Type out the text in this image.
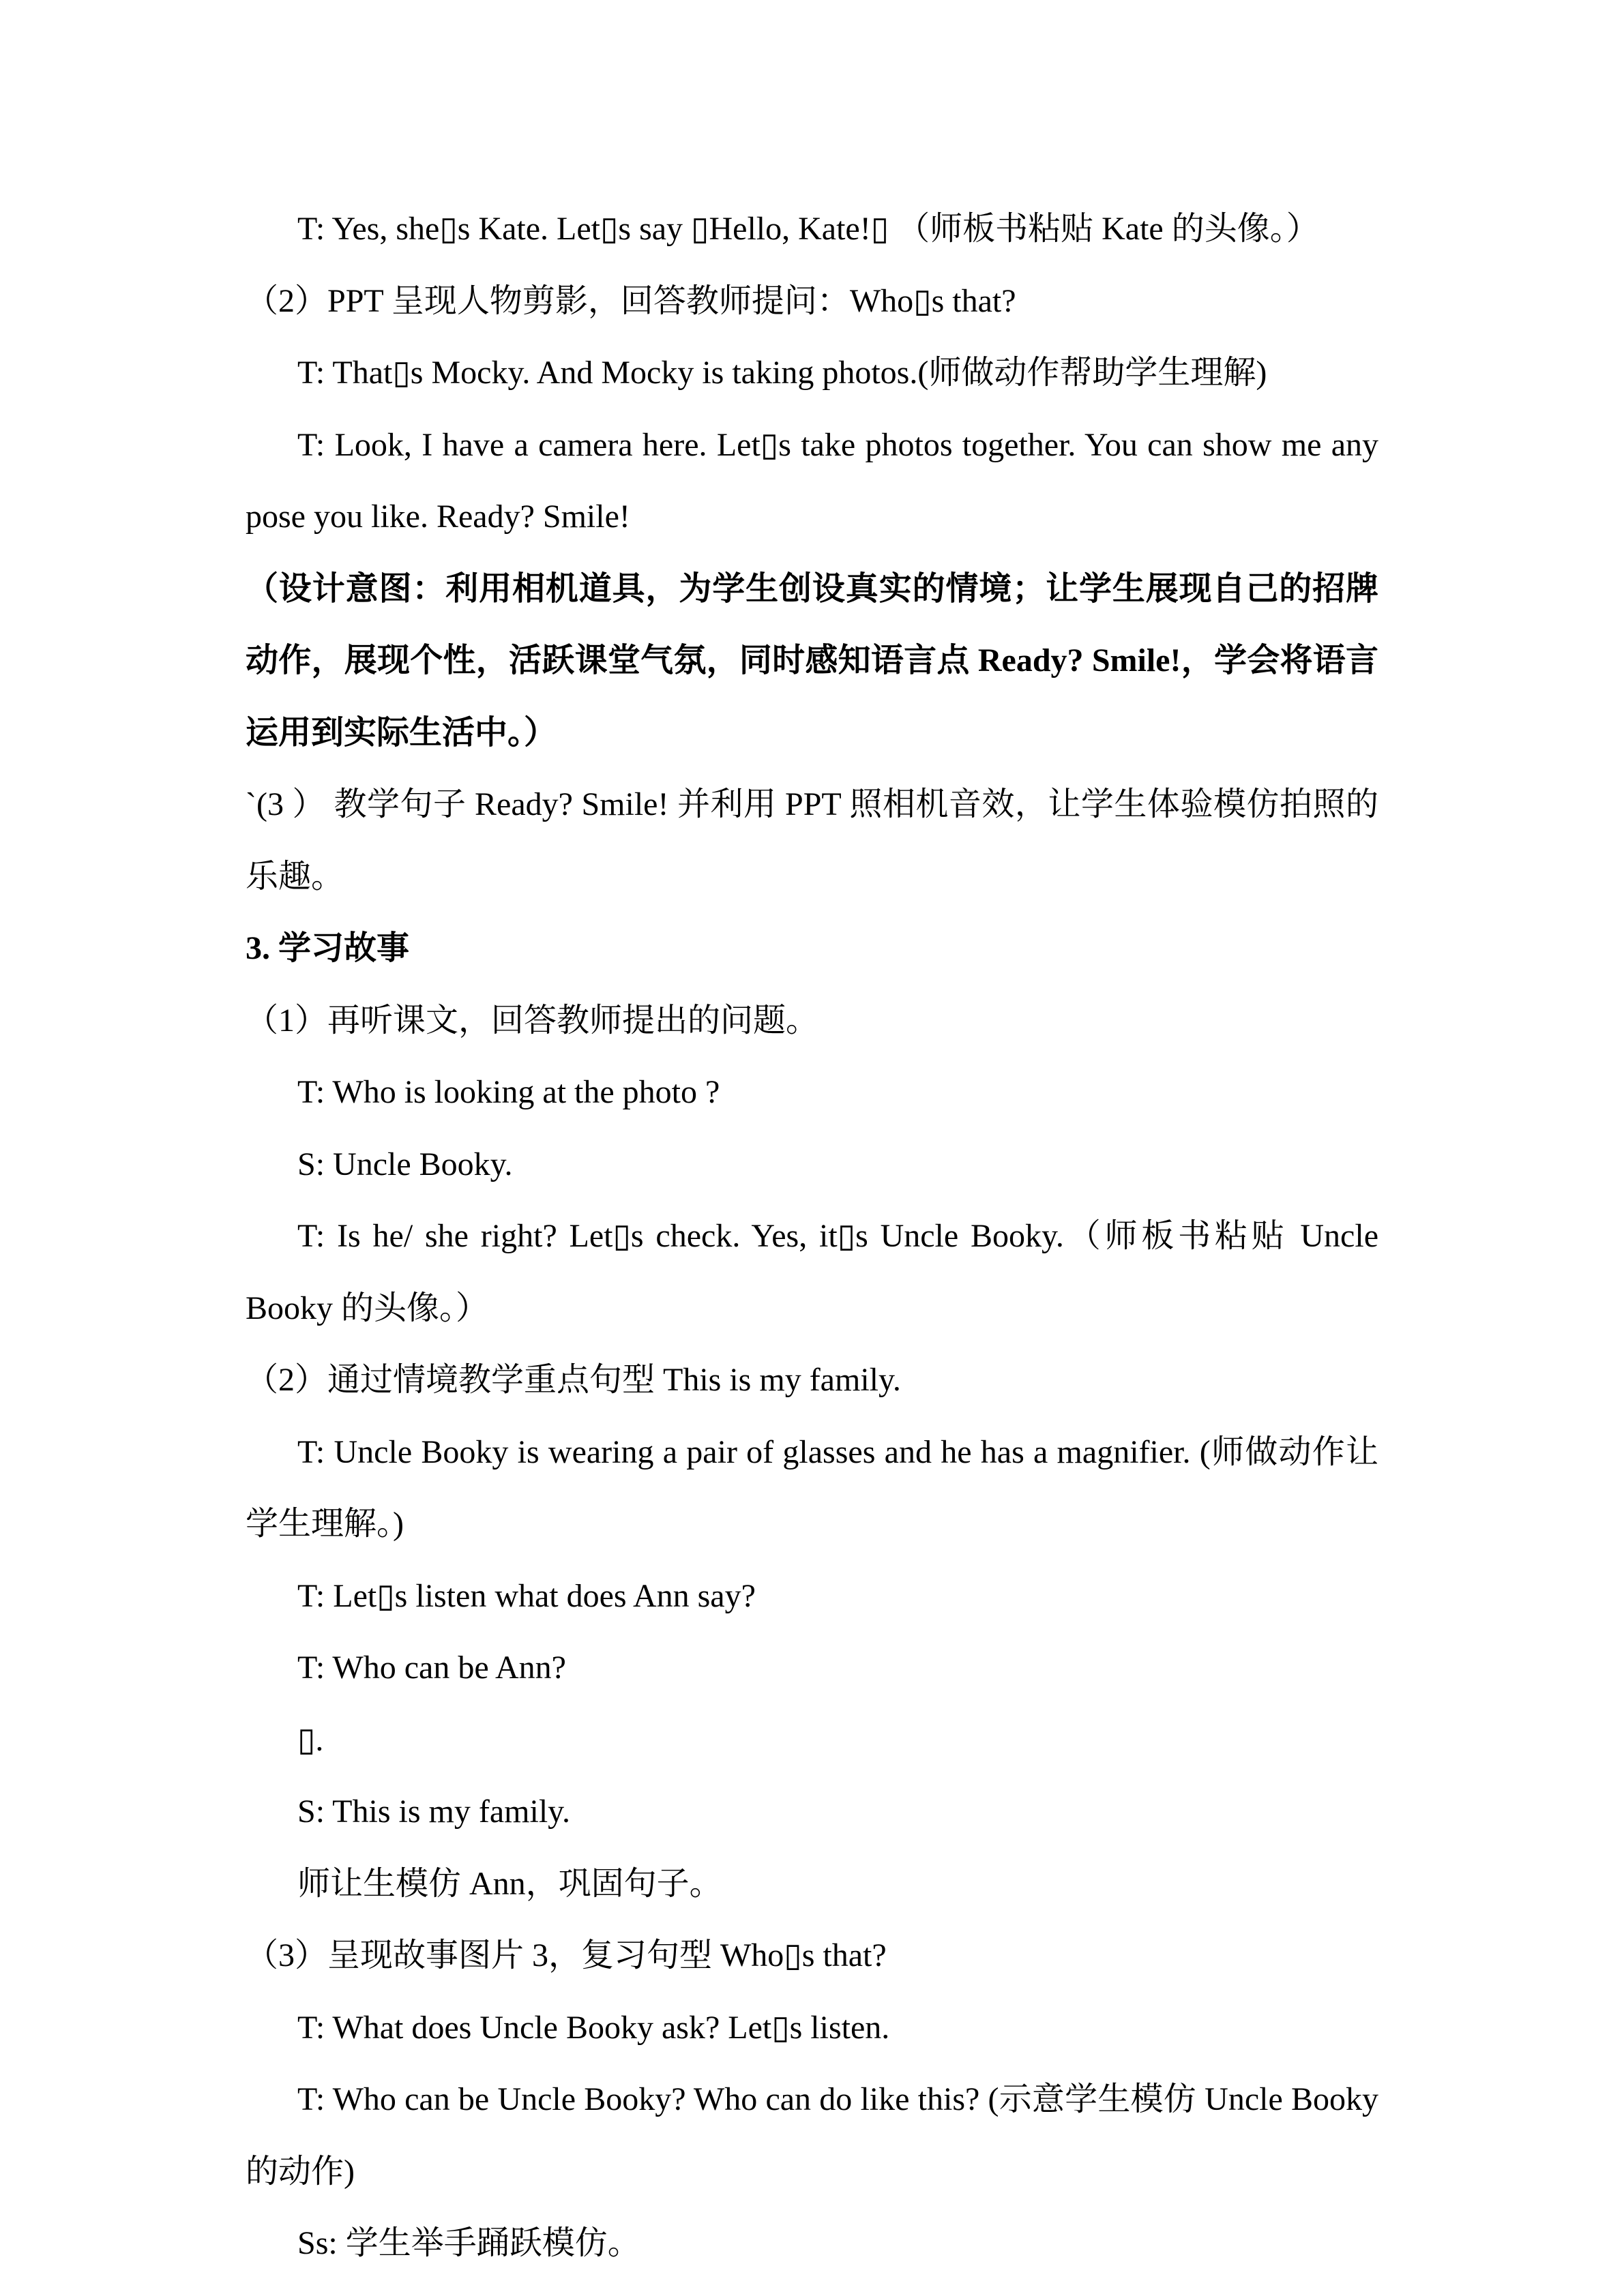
T: Yes, she▯s Kate. Let▯s say ▯Hello, Kate!▯ （师板书粘贴 Kate 的头像。）
（2）PPT 呈现人物剪影，回答教师提问：Who▯s that?
T: That▯s Mocky. And Mocky is taking photos.(师做动作帮助学生理解)
T: Look, I have a camera here. Let▯s take photos together. You can show me any
pose you like. Ready? Smile!
（设计意图：利用相机道具，为学生创设真实的情境；让学生展现自己的招牌
动作，展现个性，活跃课堂气氛，同时感知语言点 Ready? Smile!，学会将语言
运用到实际生活中。）
`(3 ） 教学句子 Ready? Smile! 并利用 PPT 照相机音效，让学生体验模仿拍照的
乐趣。
3. 学习故事
（1）再听课文，回答教师提出的问题。
T: Who is looking at the photo ?
S: Uncle Booky.
T: Is he/ she right? Let▯s check. Yes, it▯s Uncle Booky.（师板书粘贴 Uncle
Booky 的头像。）
（2）通过情境教学重点句型 This is my family.
T: Uncle Booky is wearing a pair of glasses and he has a magnifier. (师做动作让
学生理解。)
T: Let▯s listen what does Ann say?
T: Who can be Ann?
▯.
S: This is my family.
师让生模仿 Ann，巩固句子。
（3）呈现故事图片 3，复习句型 Who▯s that?
T: What does Uncle Booky ask? Let▯s listen.
T: Who can be Uncle Booky? Who can do like this? (示意学生模仿 Uncle Booky
的动作)
Ss: 学生举手踊跃模仿。
